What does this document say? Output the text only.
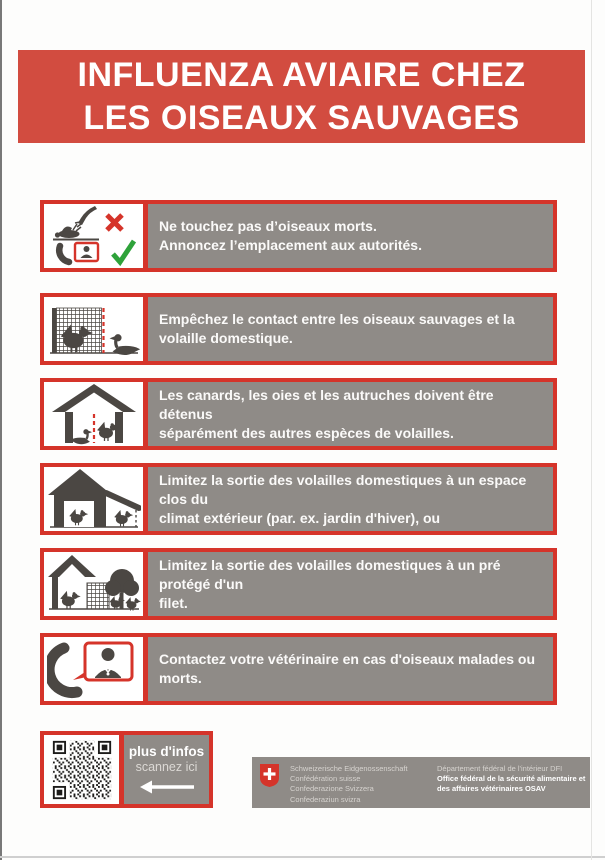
INFLUENZA AVIAIRE CHEZ
LES OISEAUX SAUVAGES
Ne touchez pas d’oiseaux morts.
Annoncez l’emplacement aux autorités.
Empêchez le contact entre les oiseaux sauvages et la
volaille domestique.
Les canards, les oies et les autruches doivent être détenus
séparément des autres espèces de volailles.
Limitez la sortie des volailles domestiques à un espace clos du
climat extérieur (par. ex. jardin d'hiver), ou
Limitez la sortie des volailles domestiques à un pré protégé d'un
filet.
Contactez votre vétérinaire en cas d'oiseaux malades ou morts.
plus d'infos
scannez ici	Schweizerische Eidgenossenschaft
Confédération suisse
Confederazione Svizzera
Confederaziun svizra
Département fédéral de l'intérieur DFI
Office fédéral de la sécurité alimentaire et
des affaires vétérinaires OSAV
